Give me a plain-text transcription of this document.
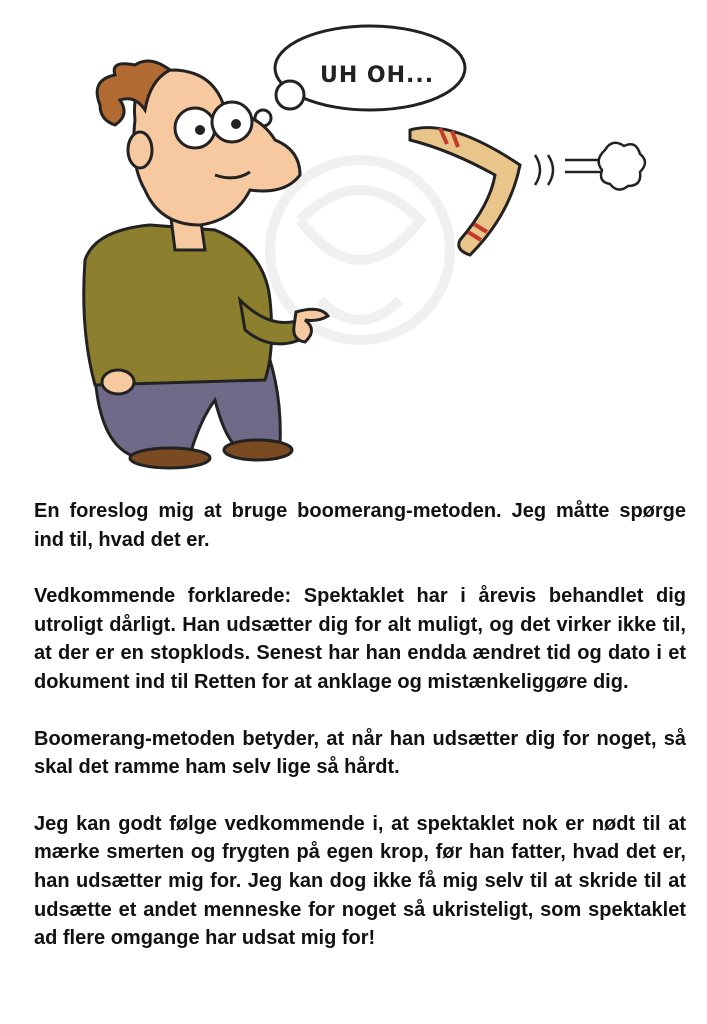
UH OH...

En foreslog mig at bruge boomerang-metoden. Jeg måtte spørge ind til, hvad det er.

Vedkommende forklarede: Spektaklet har i årevis behandlet dig utroligt dårligt. Han udsætter dig for alt muligt, og det virker ikke til, at der er en stopklods. Senest har han endda ændret tid og dato i et dokument ind til Retten for at anklage og mistænkeliggøre dig.

Boomerang-metoden betyder, at når han udsætter dig for noget, så skal det ramme ham selv lige så hårdt.

Jeg kan godt følge vedkommende i, at spektaklet nok er nødt til at mærke smerten og frygten på egen krop, før han fatter, hvad det er, han udsætter mig for. Jeg kan dog ikke få mig selv til at skride til at udsætte et andet menneske for noget så ukristeligt, som spektaklet ad flere omgange har udsat mig for!
